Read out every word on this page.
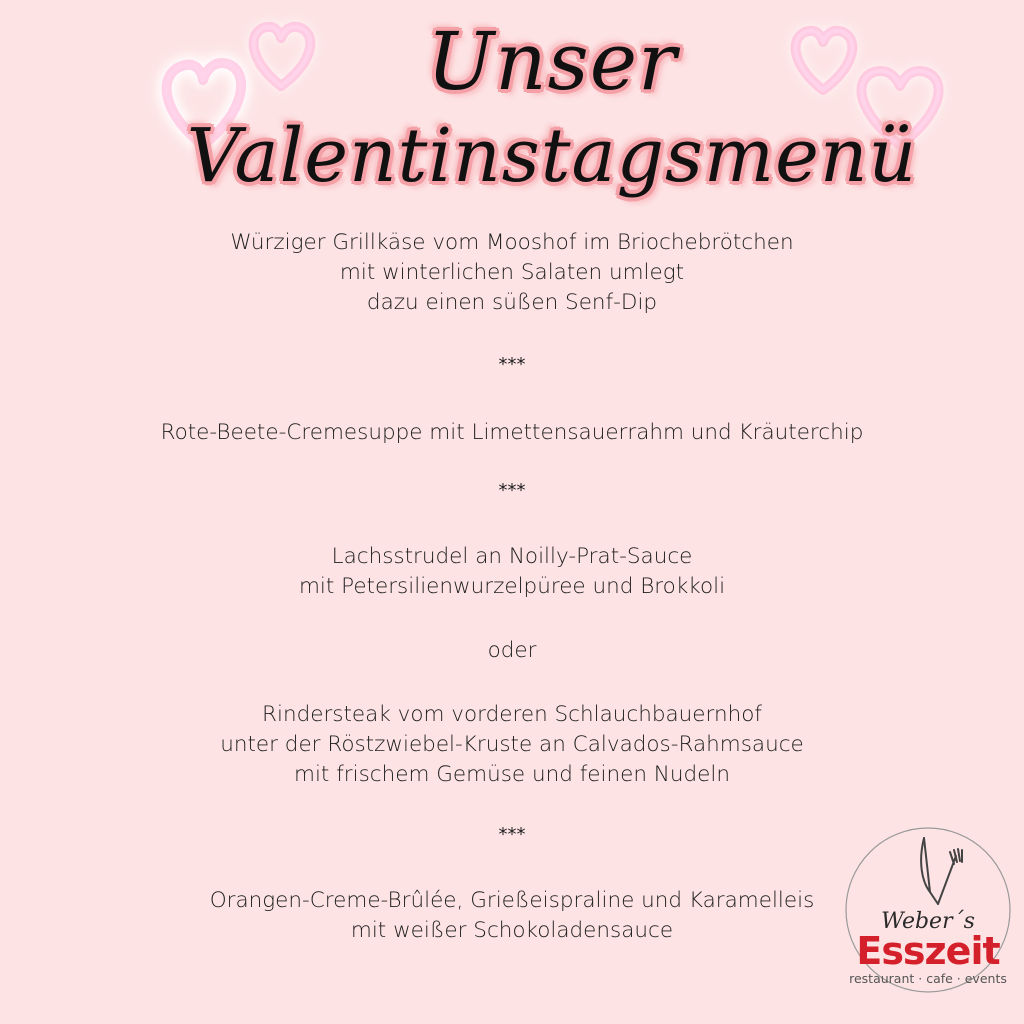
Unser
Valentinstagsmenü
Würziger Grillkäse vom Mooshof im Briochebrötchen
mit winterlichen Salaten umlegt
dazu einen süßen Senf-Dip
***
Rote-Beete-Cremesuppe mit Limettensauerrahm und Kräuterchip
***
Lachsstrudel an Noilly-Prat-Sauce
mit Petersilienwurzelpüree und Brokkoli
oder
Rindersteak vom vorderen Schlauchbauernhof
unter der Röstzwiebel-Kruste an Calvados-Rahmsauce
mit frischem Gemüse und feinen Nudeln
***
Orangen-Creme-Brûlée, Grießeispraline und Karamelleis
mit weißer Schokoladensauce	Weber´s
Esszeit
restaurant · cafe · events
